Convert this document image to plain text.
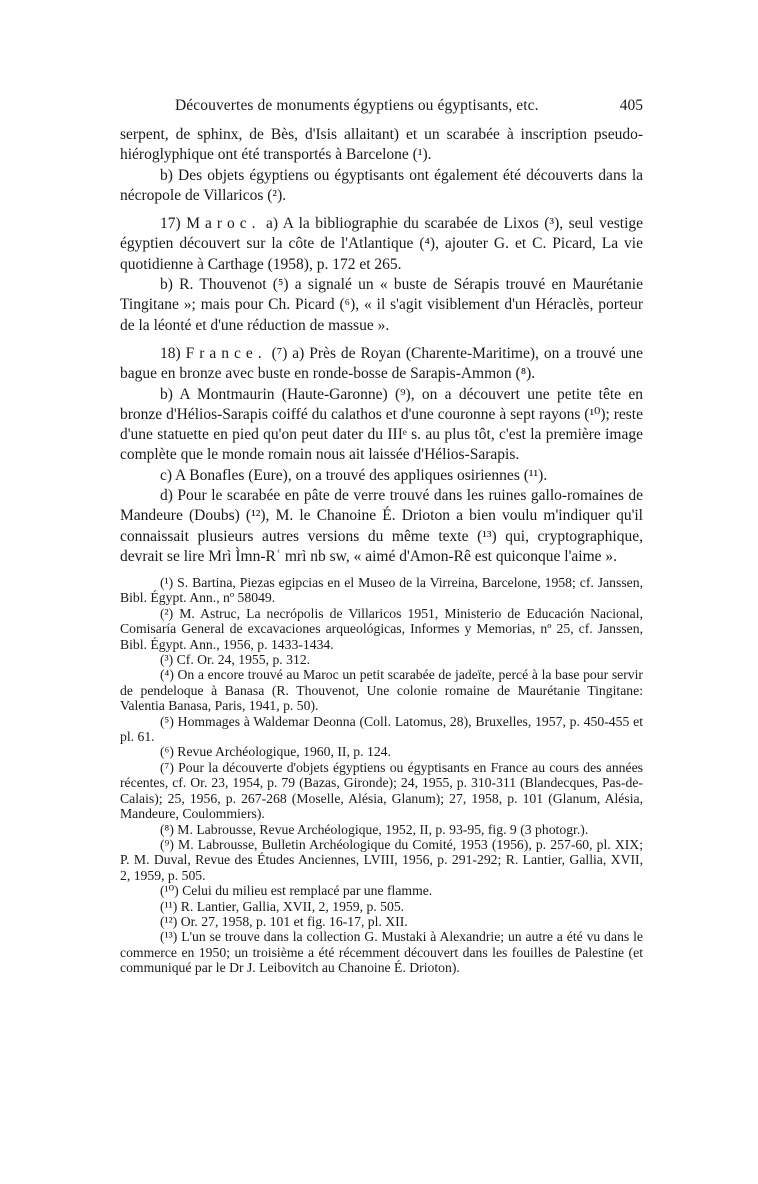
Découvertes de monuments égyptiens ou égyptisants, etc.	405

serpent, de sphinx, de Bès, d'Isis allaitant) et un scarabée à inscription pseudo-hiéroglyphique ont été transportés à Barcelone (¹).

b) Des objets égyptiens ou égyptisants ont également été découverts dans la nécropole de Villaricos (²).

17) Maroc. a) A la bibliographie du scarabée de Lixos (³), seul vestige égyptien découvert sur la côte de l'Atlantique (⁴), ajouter G. et C. Picard, La vie quotidienne à Carthage (1958), p. 172 et 265.

b) R. Thouvenot (⁵) a signalé un « buste de Sérapis trouvé en Maurétanie Tingitane »; mais pour Ch. Picard (⁶), « il s'agit visiblement d'un Héraclès, porteur de la léonté et d'une réduction de massue ».

18) France. (⁷) a) Près de Royan (Charente-Maritime), on a trouvé une bague en bronze avec buste en ronde-bosse de Sarapis-Ammon (⁸).

b) A Montmaurin (Haute-Garonne) (⁹), on a découvert une petite tête en bronze d'Hélios-Sarapis coiffé du calathos et d'une couronne à sept rayons (¹⁰); reste d'une statuette en pied qu'on peut dater du IIIᵉ s. au plus tôt, c'est la première image complète que le monde romain nous ait laissée d'Hélios-Sarapis.

c) A Bonafles (Eure), on a trouvé des appliques osiriennes (¹¹).

d) Pour le scarabée en pâte de verre trouvé dans les ruines gallo-romaines de Mandeure (Doubs) (¹²), M. le Chanoine É. Drioton a bien voulu m'indiquer qu'il connaissait plusieurs autres versions du même texte (¹³) qui, cryptographique, devrait se lire Mrì Ìmn-Rʿ mrì nb sw, « aimé d'Amon-Rê est quiconque l'aime ».

(¹) S. Bartina, Piezas egipcias en el Museo de la Virreina, Barcelone, 1958; cf. Janssen, Bibl. Égypt. Ann., nº 58049.

(²) M. Astruc, La necrópolis de Villaricos 1951, Ministerio de Educación Nacional, Comisaría General de excavaciones arqueológicas, Informes y Memorias, nº 25, cf. Janssen, Bibl. Égypt. Ann., 1956, p. 1433-1434.

(³) Cf. Or. 24, 1955, p. 312.

(⁴) On a encore trouvé au Maroc un petit scarabée de jadeïte, percé à la base pour servir de pendeloque à Banasa (R. Thouvenot, Une colonie romaine de Maurétanie Tingitane: Valentia Banasa, Paris, 1941, p. 50).

(⁵) Hommages à Waldemar Deonna (Coll. Latomus, 28), Bruxelles, 1957, p. 450-455 et pl. 61.

(⁶) Revue Archéologique, 1960, II, p. 124.

(⁷) Pour la découverte d'objets égyptiens ou égyptisants en France au cours des années récentes, cf. Or. 23, 1954, p. 79 (Bazas, Gironde); 24, 1955, p. 310-311 (Blandecques, Pas-de-Calais); 25, 1956, p. 267-268 (Moselle, Alésia, Glanum); 27, 1958, p. 101 (Glanum, Alésia, Mandeure, Coulommiers).

(⁸) M. Labrousse, Revue Archéologique, 1952, II, p. 93-95, fig. 9 (3 photogr.).

(⁹) M. Labrousse, Bulletin Archéologique du Comité, 1953 (1956), p. 257-60, pl. XIX; P. M. Duval, Revue des Études Anciennes, LVIII, 1956, p. 291-292; R. Lantier, Gallia, XVII, 2, 1959, p. 505.

(¹⁰) Celui du milieu est remplacé par une flamme.

(¹¹) R. Lantier, Gallia, XVII, 2, 1959, p. 505.

(¹²) Or. 27, 1958, p. 101 et fig. 16-17, pl. XII.

(¹³) L'un se trouve dans la collection G. Mustaki à Alexandrie; un autre a été vu dans le commerce en 1950; un troisième a été récemment découvert dans les fouilles de Palestine (et communiqué par le Dr J. Leibovitch au Chanoine É. Drioton).
